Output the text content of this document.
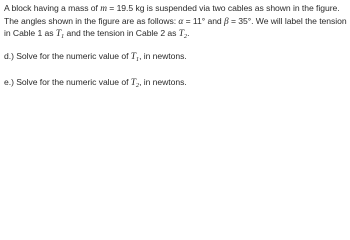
A block having a mass of m = 19.5 kg is suspended via two cables as shown in the figure. The angles shown in the figure are as follows: α = 11° and β = 35°. We will label the tension in Cable 1 as $T_1$ and the tension in Cable 2 as $T_2$.

d.) Solve for the numeric value of $T_1$, in newtons.

e.) Solve for the numeric value of $T_2$, in newtons.
